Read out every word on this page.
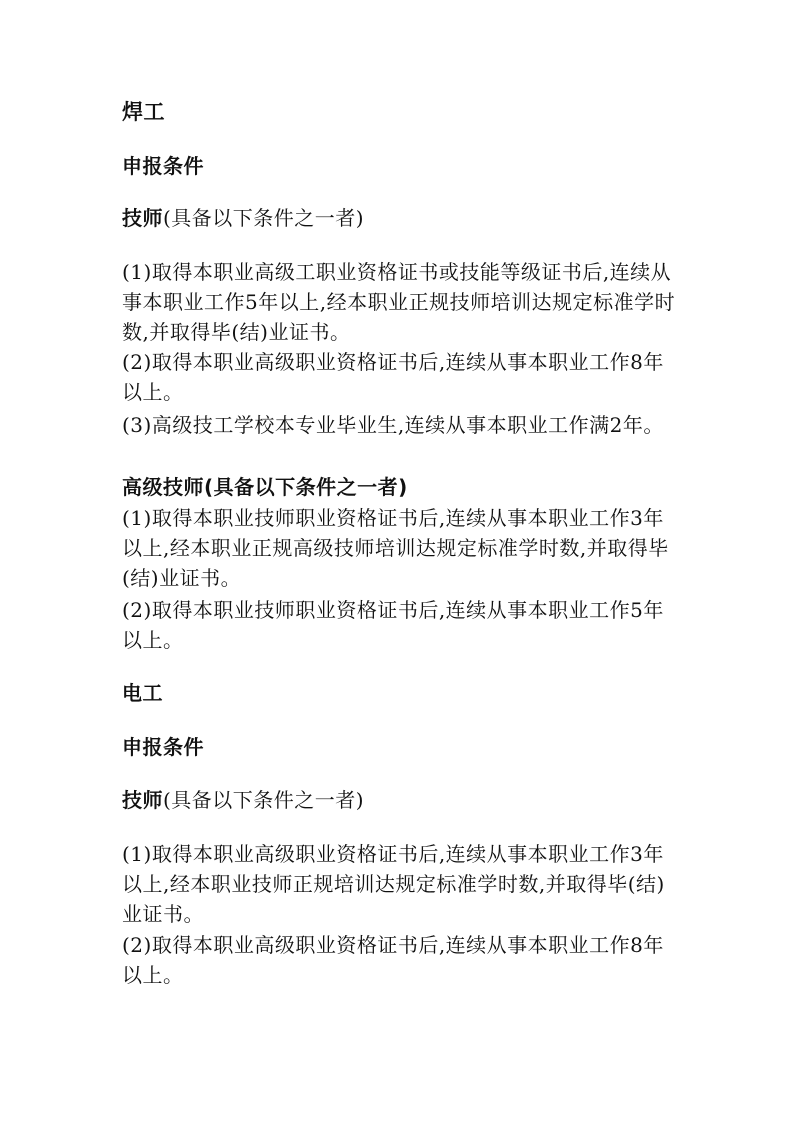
焊工
申报条件
技师(具备以下条件之一者)
(1)取得本职业高级工职业资格证书或技能等级证书后,连续从事本职业工作5年以上,经本职业正规技师培训达规定标准学时数,并取得毕(结)业证书。
(2)取得本职业高级职业资格证书后,连续从事本职业工作8年以上。
(3)高级技工学校本专业毕业生,连续从事本职业工作满2年。
高级技师(具备以下条件之一者)
(1)取得本职业技师职业资格证书后,连续从事本职业工作3年以上,经本职业正规高级技师培训达规定标准学时数,并取得毕(结)业证书。
(2)取得本职业技师职业资格证书后,连续从事本职业工作5年以上。
电工
申报条件
技师(具备以下条件之一者)
(1)取得本职业高级职业资格证书后,连续从事本职业工作3年以上,经本职业技师正规培训达规定标准学时数,并取得毕(结)业证书。
(2)取得本职业高级职业资格证书后,连续从事本职业工作8年以上。
